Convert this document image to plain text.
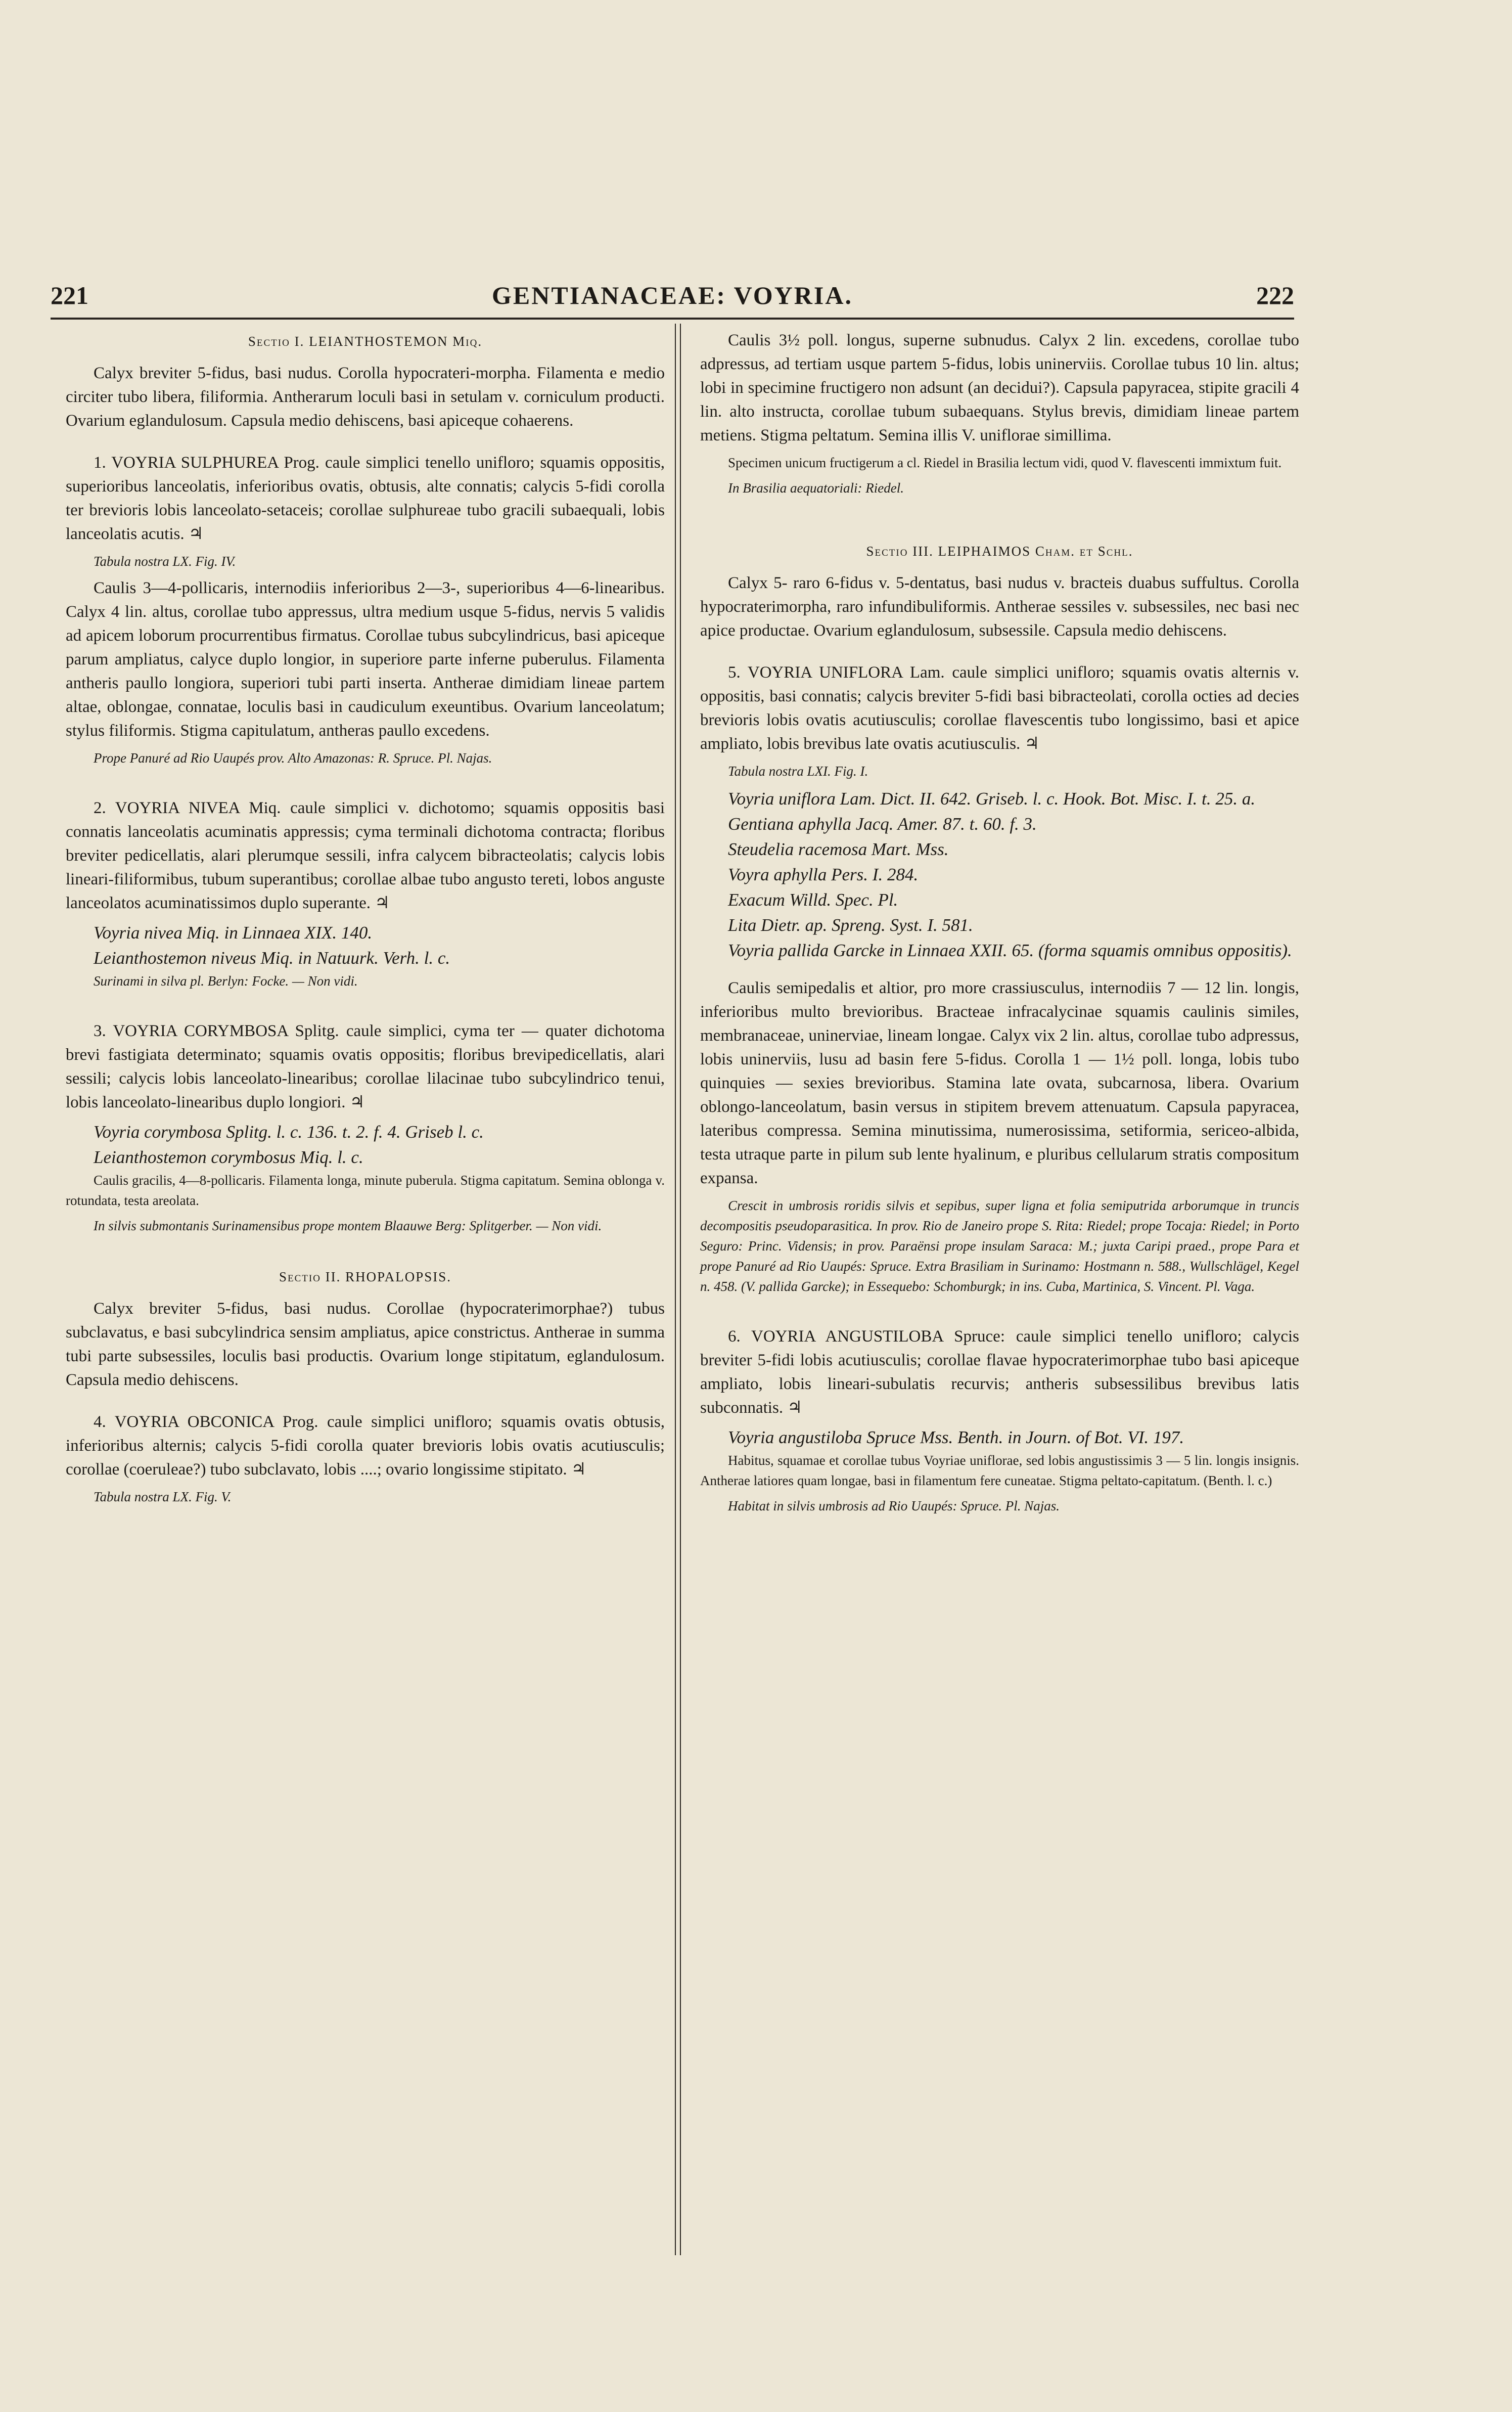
221	GENTIANACEAE: VOYRIA.	222
Sectio I. LEIANTHOSTEMON Miq.

Calyx breviter 5-fidus, basi nudus. Corolla hypocrateri-morpha. Filamenta e medio circiter tubo libera, filiformia. Antherarum loculi basi in setulam v. corniculum producti. Ovarium eglandulosum. Capsula medio dehiscens, basi apiceque cohaerens.

1. VOYRIA SULPHUREA Prog. caule simplici tenello unifloro; squamis oppositis, superioribus lanceolatis, inferioribus ovatis, obtusis, alte connatis; calycis 5-fidi corolla ter brevioris lobis lanceolato-setaceis; corollae sulphureae tubo gracili subaequali, lobis lanceolatis acutis. ♃

Tabula nostra LX. Fig. IV.

Caulis 3—4-pollicaris, internodiis inferioribus 2—3-, superioribus 4—6-linearibus. Calyx 4 lin. altus, corollae tubo appressus, ultra medium usque 5-fidus, nervis 5 validis ad apicem loborum procurrentibus firmatus. Corollae tubus subcylindricus, basi apiceque parum ampliatus, calyce duplo longior, in superiore parte inferne puberulus. Filamenta antheris paullo longiora, superiori tubi parti inserta. Antherae dimidiam lineae partem altae, oblongae, connatae, loculis basi in caudiculum exeuntibus. Ovarium lanceolatum; stylus filiformis. Stigma capitulatum, antheras paullo excedens.

Prope Panuré ad Rio Uaupés prov. Alto Amazonas: R. Spruce. Pl. Najas.

2. VOYRIA NIVEA Miq. caule simplici v. dichotomo; squamis oppositis basi connatis lanceolatis acuminatis appressis; cyma terminali dichotoma contracta; floribus breviter pedicellatis, alari plerumque sessili, infra calycem bibracteolatis; calycis lobis lineari-filiformibus, tubum superantibus; corollae albae tubo angusto tereti, lobos anguste lanceolatos acuminatissimos duplo superante. ♃

Voyria nivea Miq. in Linnaea XIX. 140.

Leianthostemon niveus Miq. in Natuurk. Verh. l. c.

Surinami in silva pl. Berlyn: Focke. — Non vidi.

3. VOYRIA CORYMBOSA Splitg. caule simplici, cyma ter — quater dichotoma brevi fastigiata determinato; squamis ovatis oppositis; floribus brevipedicellatis, alari sessili; calycis lobis lanceolato-linearibus; corollae lilacinae tubo subcylindrico tenui, lobis lanceolato-linearibus duplo longiori. ♃

Voyria corymbosa Splitg. l. c. 136. t. 2. f. 4. Griseb l. c.

Leianthostemon corymbosus Miq. l. c.

Caulis gracilis, 4—8-pollicaris. Filamenta longa, minute puberula. Stigma capitatum. Semina oblonga v. rotundata, testa areolata.

In silvis submontanis Surinamensibus prope montem Blaauwe Berg: Splitgerber. — Non vidi.

Sectio II. RHOPALOPSIS.

Calyx breviter 5-fidus, basi nudus. Corollae (hypocraterimorphae?) tubus subclavatus, e basi subcylindrica sensim ampliatus, apice constrictus. Antherae in summa tubi parte subsessiles, loculis basi productis. Ovarium longe stipitatum, eglandulosum. Capsula medio dehiscens.

4. VOYRIA OBCONICA Prog. caule simplici unifloro; squamis ovatis obtusis, inferioribus alternis; calycis 5-fidi corolla quater brevioris lobis ovatis acutiusculis; corollae (coeruleae?) tubo subclavato, lobis ....; ovario longissime stipitato. ♃

Tabula nostra LX. Fig. V.

Caulis 3½ poll. longus, superne subnudus. Calyx 2 lin. excedens, corollae tubo adpressus, ad tertiam usque partem 5-fidus, lobis uninerviis. Corollae tubus 10 lin. altus; lobi in specimine fructigero non adsunt (an decidui?). Capsula papyracea, stipite gracili 4 lin. alto instructa, corollae tubum subaequans. Stylus brevis, dimidiam lineae partem metiens. Stigma peltatum. Semina illis V. uniflorae simillima.

Specimen unicum fructigerum a cl. Riedel in Brasilia lectum vidi, quod V. flavescenti immixtum fuit.

In Brasilia aequatoriali: Riedel.

Sectio III. LEIPHAIMOS Cham. et Schl.

Calyx 5- raro 6-fidus v. 5-dentatus, basi nudus v. bracteis duabus suffultus. Corolla hypocraterimorpha, raro infundibuliformis. Antherae sessiles v. subsessiles, nec basi nec apice productae. Ovarium eglandulosum, subsessile. Capsula medio dehiscens.

5. VOYRIA UNIFLORA Lam. caule simplici unifloro; squamis ovatis alternis v. oppositis, basi connatis; calycis breviter 5-fidi basi bibracteolati, corolla octies ad decies brevioris lobis ovatis acutiusculis; corollae flavescentis tubo longissimo, basi et apice ampliato, lobis brevibus late ovatis acutiusculis. ♃

Tabula nostra LXI. Fig. I.

Voyria uniflora Lam. Dict. II. 642. Griseb. l. c. Hook. Bot. Misc. I. t. 25. a.

Gentiana aphylla Jacq. Amer. 87. t. 60. f. 3.

Steudelia racemosa Mart. Mss.

Voyra aphylla Pers. I. 284.

Exacum Willd. Spec. Pl.

Lita Dietr. ap. Spreng. Syst. I. 581.

Voyria pallida Garcke in Linnaea XXII. 65. (forma squamis omnibus oppositis).

Caulis semipedalis et altior, pro more crassiusculus, internodiis 7 — 12 lin. longis, inferioribus multo brevioribus. Bracteae infracalycinae squamis caulinis similes, membranaceae, uninerviae, lineam longae. Calyx vix 2 lin. altus, corollae tubo adpressus, lobis uninerviis, lusu ad basin fere 5-fidus. Corolla 1 — 1½ poll. longa, lobis tubo quinquies — sexies brevioribus. Stamina late ovata, subcarnosa, libera. Ovarium oblongo-lanceolatum, basin versus in stipitem brevem attenuatum. Capsula papyracea, lateribus compressa. Semina minutissima, numerosissima, setiformia, sericeo-albida, testa utraque parte in pilum sub lente hyalinum, e pluribus cellularum stratis compositum expansa.

Crescit in umbrosis roridis silvis et sepibus, super ligna et folia semiputrida arborumque in truncis decompositis pseudoparasitica. In prov. Rio de Janeiro prope S. Rita: Riedel; prope Tocaja: Riedel; in Porto Seguro: Princ. Vidensis; in prov. Paraënsi prope insulam Saraca: M.; juxta Caripi praed., prope Para et prope Panuré ad Rio Uaupés: Spruce. Extra Brasiliam in Surinamo: Hostmann n. 588., Wullschlägel, Kegel n. 458. (V. pallida Garcke); in Essequebo: Schomburgk; in ins. Cuba, Martinica, S. Vincent. Pl. Vaga.

6. VOYRIA ANGUSTILOBA Spruce: caule simplici tenello unifloro; calycis breviter 5-fidi lobis acutiusculis; corollae flavae hypocraterimorphae tubo basi apiceque ampliato, lobis lineari-subulatis recurvis; antheris subsessilibus brevibus latis subconnatis. ♃

Voyria angustiloba Spruce Mss. Benth. in Journ. of Bot. VI. 197.

Habitus, squamae et corollae tubus Voyriae uniflorae, sed lobis angustissimis 3 — 5 lin. longis insignis. Antherae latiores quam longae, basi in filamentum fere cuneatae. Stigma peltato-capitatum. (Benth. l. c.)

Habitat in silvis umbrosis ad Rio Uaupés: Spruce. Pl. Najas.
